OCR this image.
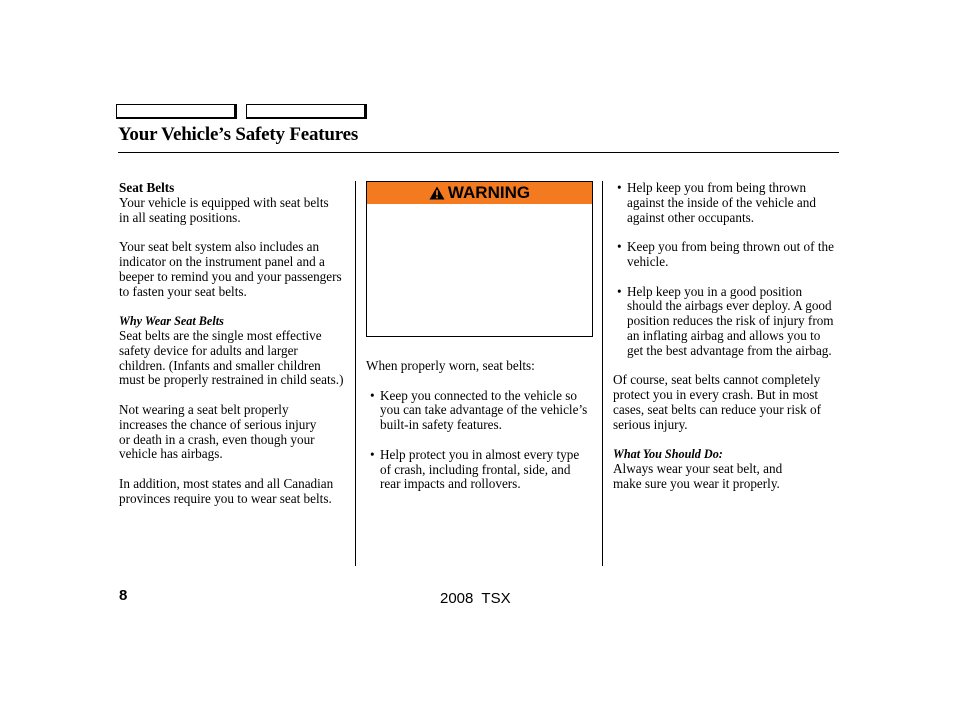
Your Vehicle’s Safety Features

Seat Belts

Your vehicle is equipped with seat belts in all seating positions.

Your seat belt system also includes an indicator on the instrument panel and a beeper to remind you and your passengers to fasten your seat belts.

Why Wear Seat Belts

Seat belts are the single most effective safety device for adults and larger children. (Infants and smaller children must be properly restrained in child seats.)

Not wearing a seat belt properly increases the chance of serious injury or death in a crash, even though your vehicle has airbags.

In addition, most states and all Canadian provinces require you to wear seat belts.

WARNING

When properly worn, seat belts:

• Keep you connected to the vehicle so you can take advantage of the vehicle’s built-in safety features.
• Help protect you in almost every type of crash, including frontal, side, and rear impacts and rollovers.
• Help keep you from being thrown against the inside of the vehicle and against other occupants.
• Keep you from being thrown out of the vehicle.
• Help keep you in a good position should the airbags ever deploy. A good position reduces the risk of injury from an inflating airbag and allows you to get the best advantage from the airbag.

Of course, seat belts cannot completely protect you in every crash. But in most cases, seat belts can reduce your risk of serious injury.

What You Should Do:

Always wear your seat belt, and make sure you wear it properly.

8	2008  TSX
